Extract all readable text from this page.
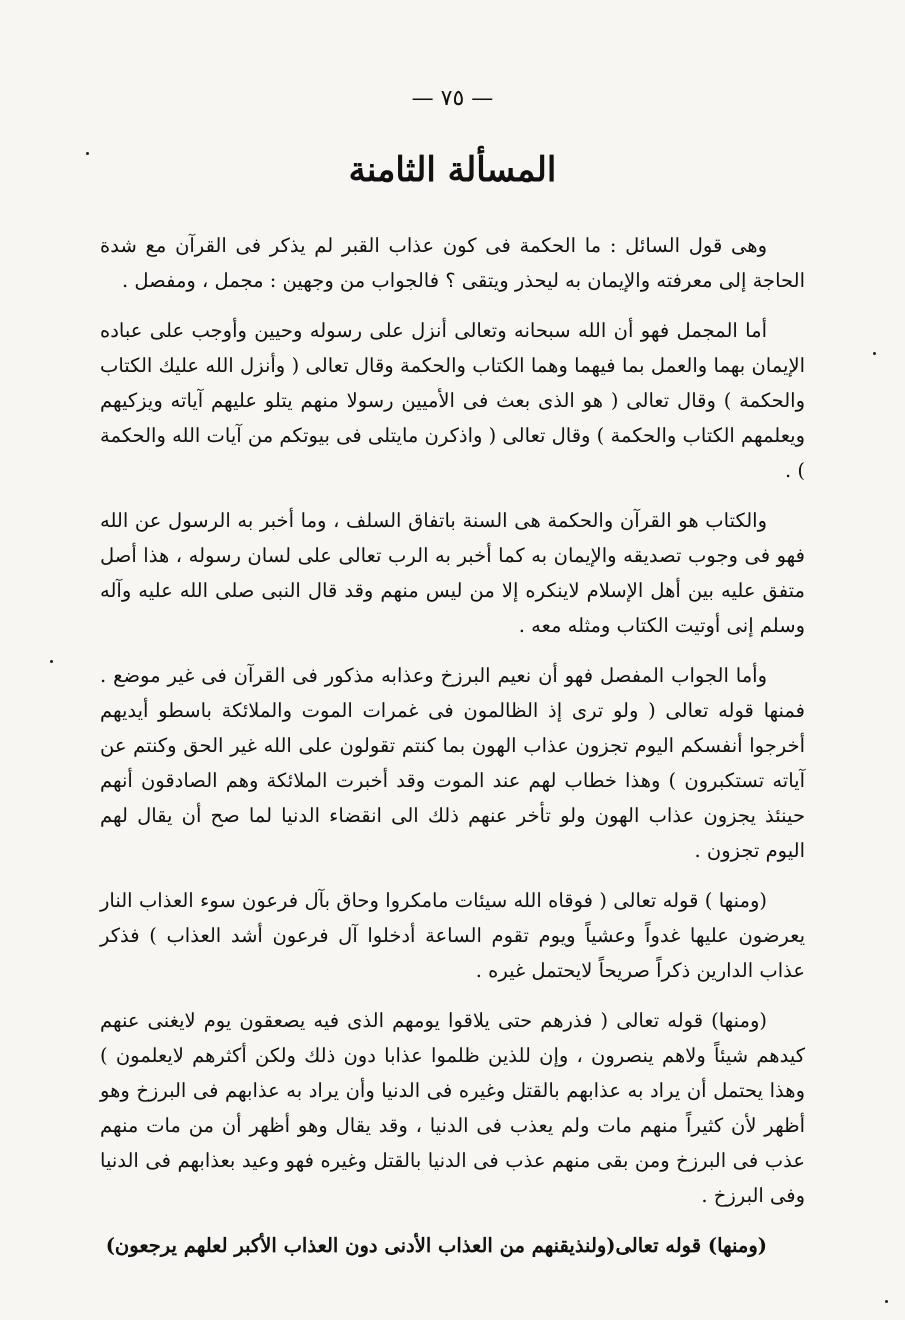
— ٧٥ —
المسألة الثامنة

وهى قول السائل : ما الحكمة فى كون عذاب القبر لم يذكر فى القرآن مع شدة الحاجة إلى معرفته والإيمان به ليحذر ويتقى ؟ فالجواب من وجهين : مجمل ، ومفصل .

أما المجمل فهو أن الله سبحانه وتعالى أنزل على رسوله وحيين وأوجب على عباده الإيمان بهما والعمل بما فيهما وهما الكتاب والحكمة وقال تعالى ( وأنزل الله عليك الكتاب والحكمة ) وقال تعالى ( هو الذى بعث فى الأميين رسولا منهم يتلو عليهم آياته ويزكيهم ويعلمهم الكتاب والحكمة ) وقال تعالى ( واذكرن مايتلى فى بيوتكم من آيات الله والحكمة ) .

والكتاب هو القرآن والحكمة هى السنة باتفاق السلف ، وما أخبر به الرسول عن الله فهو فى وجوب تصديقه والإيمان به كما أخبر به الرب تعالى على لسان رسوله ، هذا أصل متفق عليه بين أهل الإسلام لاينكره إلا من ليس منهم وقد قال النبى صلى الله عليه وآله وسلم إنى أوتيت الكتاب ومثله معه .

وأما الجواب المفصل فهو أن نعيم البرزخ وعذابه مذكور فى القرآن فى غير موضع . فمنها قوله تعالى ( ولو ترى إذ الظالمون فى غمرات الموت والملائكة باسطو أيديهم أخرجوا أنفسكم اليوم تجزون عذاب الهون بما كنتم تقولون على الله غير الحق وكنتم عن آياته تستكبرون ) وهذا خطاب لهم عند الموت وقد أخبرت الملائكة وهم الصادقون أنهم حينئذ يجزون عذاب الهون ولو تأخر عنهم ذلك الى انقضاء الدنيا لما صح أن يقال لهم اليوم تجزون .

(ومنها ) قوله تعالى ( فوقاه الله سيئات مامكروا وحاق بآل فرعون سوء العذاب النار يعرضون عليها غدواً وعشياً ويوم تقوم الساعة أدخلوا آل فرعون أشد العذاب ) فذكر عذاب الدارين ذكراً صريحاً لايحتمل غيره .

(ومنها) قوله تعالى ( فذرهم حتى يلاقوا يومهم الذى فيه يصعقون يوم لايغنى عنهم كيدهم شيئاً ولاهم ينصرون ، وإن للذين ظلموا عذابا دون ذلك ولكن أكثرهم لايعلمون ) وهذا يحتمل أن يراد به عذابهم بالقتل وغيره فى الدنيا وأن يراد به عذابهم فى البرزخ وهو أظهر لأن كثيراً منهم مات ولم يعذب فى الدنيا ، وقد يقال وهو أظهر أن من مات منهم عذب فى البرزخ ومن بقى منهم عذب فى الدنيا بالقتل وغيره فهو وعيد بعذابهم فى الدنيا وفى البرزخ .

(ومنها) قوله تعالى(ولنذيقنهم من العذاب الأدنى دون العذاب الأكبر لعلهم يرجعون)
